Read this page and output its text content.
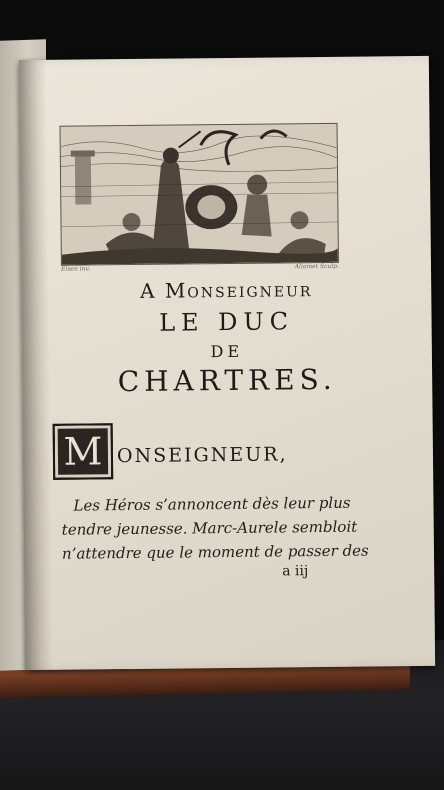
Eisen inv.	Aliamet Sculp.
A Monseigneur
LE DUC
DE
CHARTRES.
M ONSEIGNEUR,
Les Héros s’annoncent dès leur plus
tendre jeunesse. Marc-Aurele sembloit
n’attendre que le moment de passer des
a iij
